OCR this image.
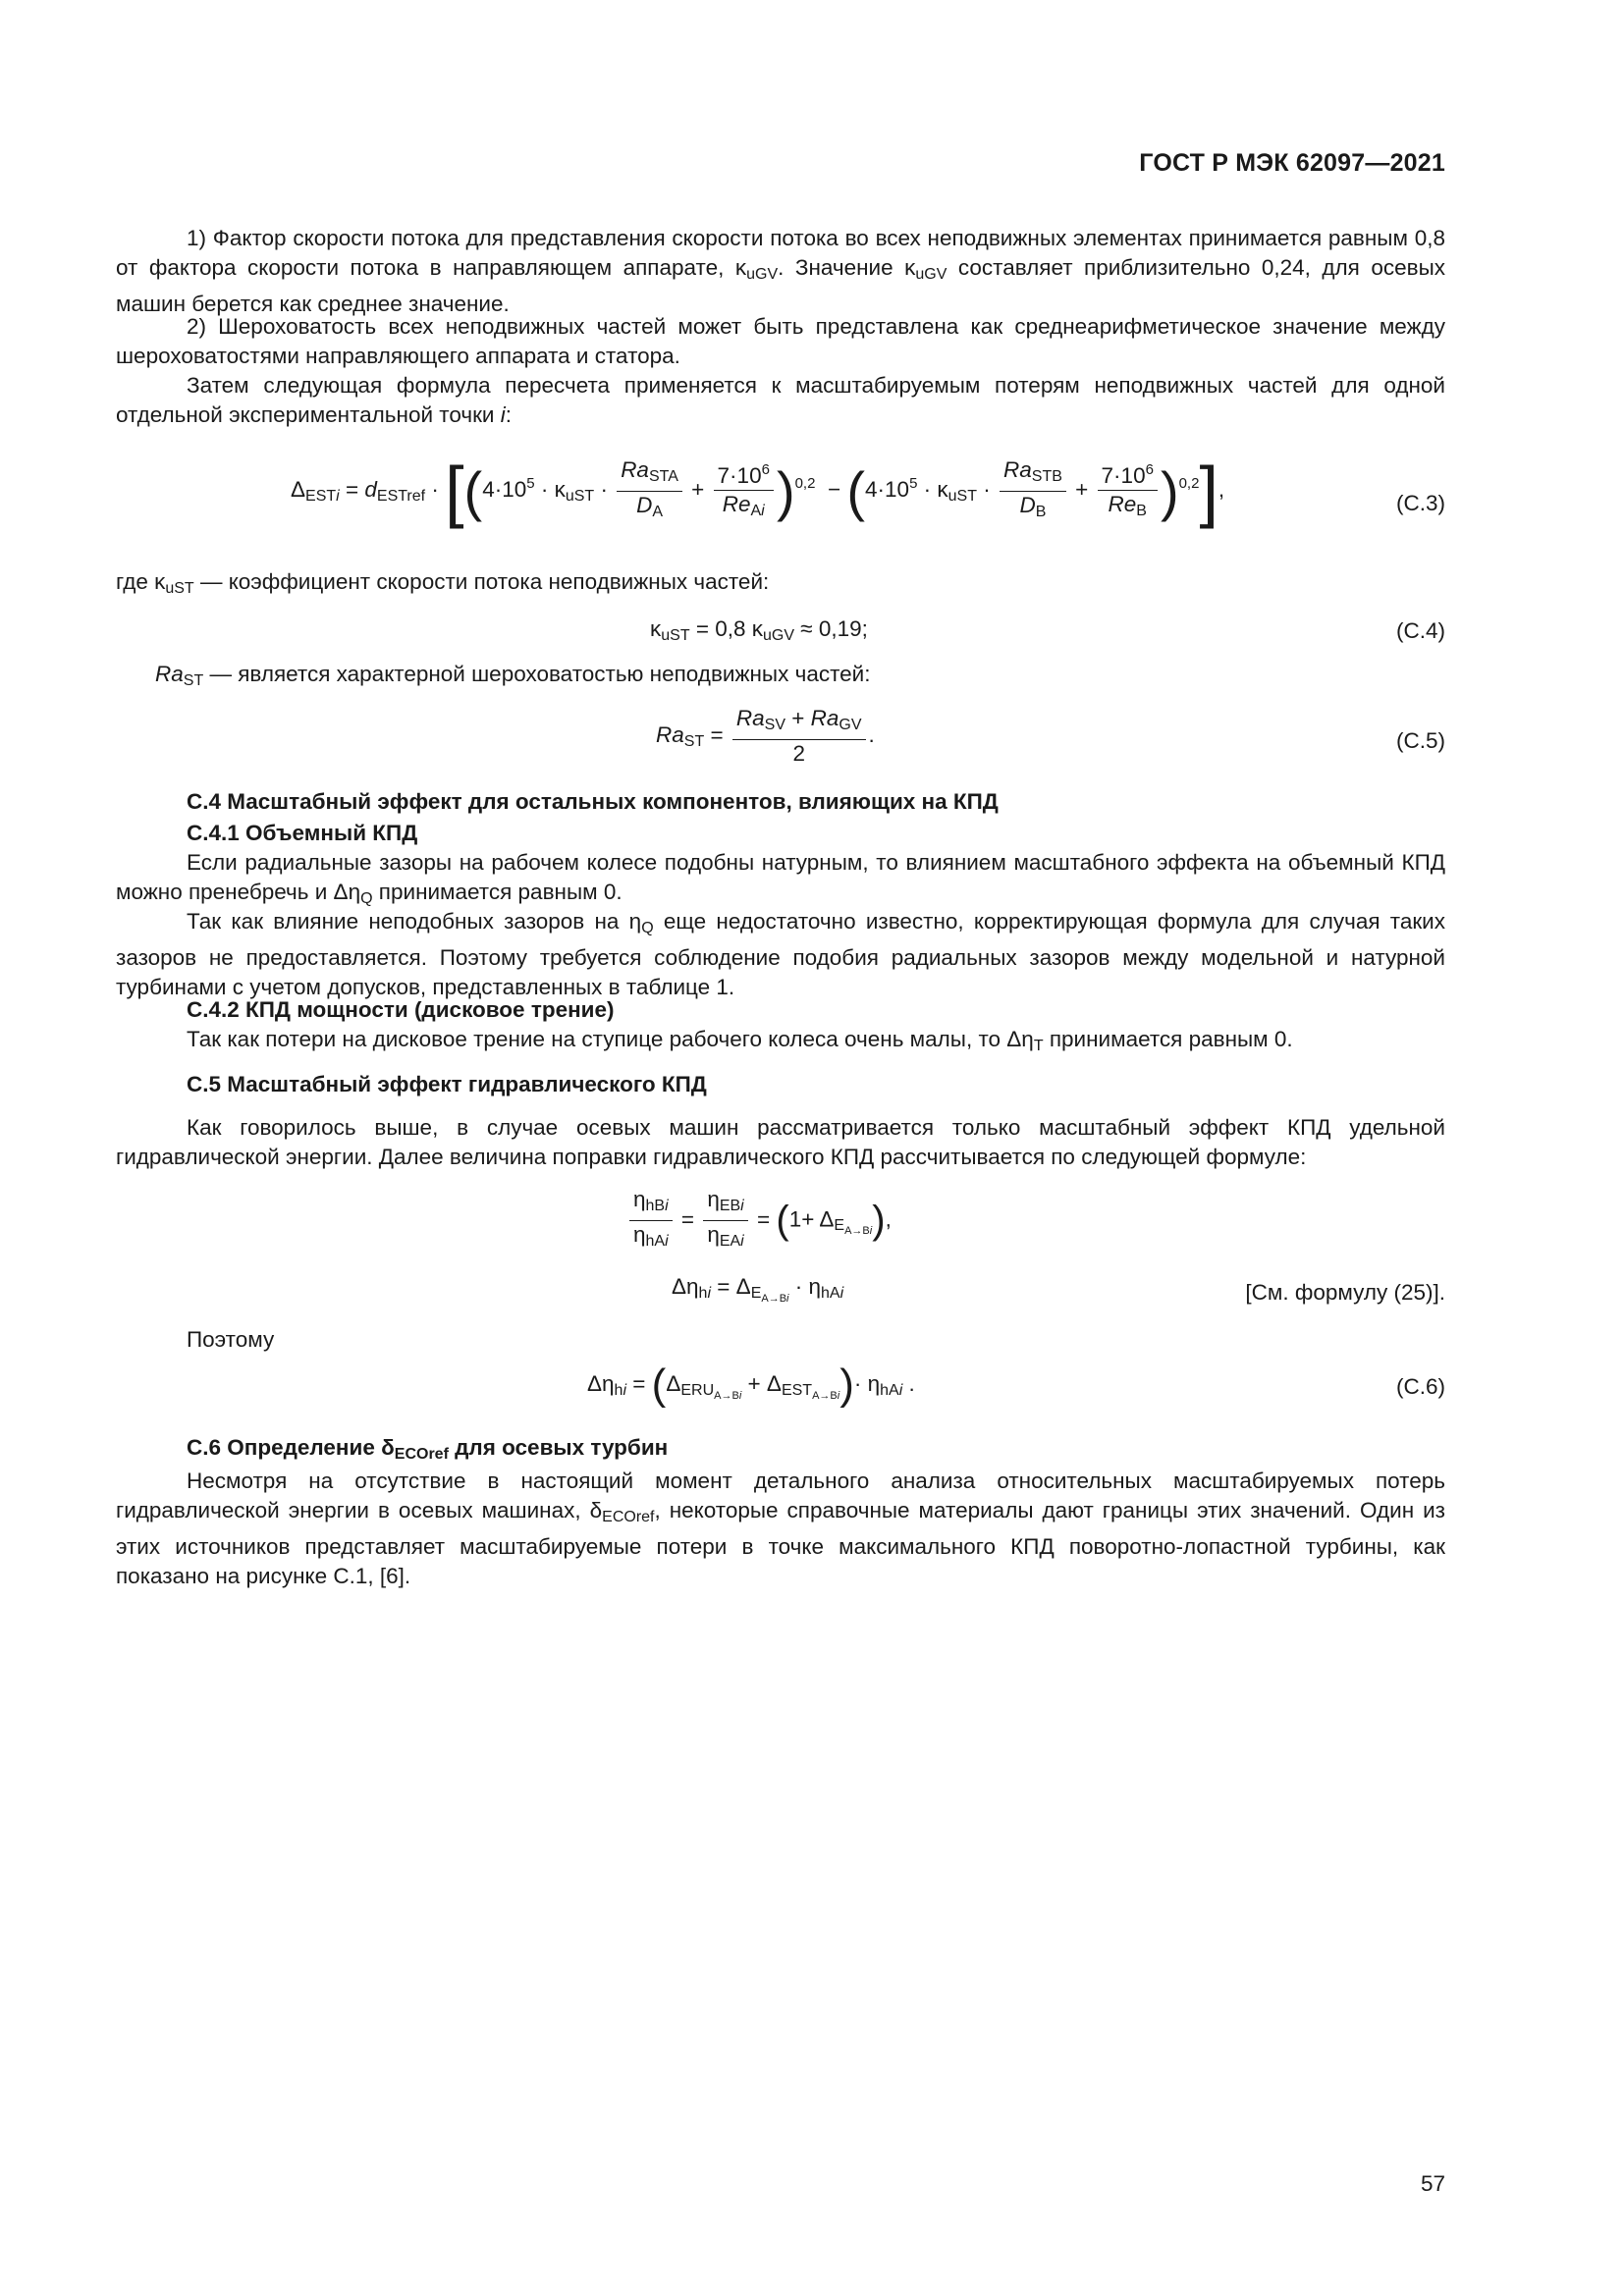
ГОСТ Р МЭК 62097—2021
1) Фактор скорости потока для представления скорости потока во всех неподвижных элементах принимается равным 0,8 от фактора скорости потока в направляющем аппарате, $\kappa_{uGV}$. Значение $\kappa_{uGV}$ составляет приблизительно 0,24, для осевых машин берется как среднее значение.
2) Шероховатость всех неподвижных частей может быть представлена как среднеарифметическое значение между шероховатостями направляющего аппарата и статора.
Затем следующая формула пересчета применяется к масштабируемым потерям неподвижных частей для одной отдельной экспериментальной точки i:
$\Delta_{ESTi} = d_{ESTref} \cdot [(4\cdot 10^5 \cdot \kappa_{uST} \cdot \frac{Ra_{STA}}{D_A} + \frac{7\cdot 10^6}{Re_{Ai}} )^{0,2} - (4\cdot 10^5 \cdot \kappa_{uST} \cdot \frac{Ra_{STB}}{D_B} + \frac{7\cdot 10^6}{Re_B} )^{0,2}]$,
(C.3)
где $\kappa_{uST}$ — коэффициент скорости потока неподвижных частей:
$\kappa_{uST} = 0,8$ $\kappa_{uGV} \approx 0,19$;	(C.4)
$Ra_{ST}$ — является характерной шероховатостью неподвижных частей:
$Ra_{ST} = \frac{Ra_{SV} + Ra_{GV}}{2}$ .	(C.5)
С.4 Масштабный эффект для остальных компонентов, влияющих на КПД
С.4.1 Объемный КПД
Если радиальные зазоры на рабочем колесе подобны натурным, то влиянием масштабного эффекта на объемный КПД можно пренебречь и $\Delta\eta_Q$ принимается равным 0.
Так как влияние неподобных зазоров на $\eta_Q$ еще недостаточно известно, корректирующая формула для случая таких зазоров не предоставляется. Поэтому требуется соблюдение подобия радиальных зазоров между модельной и натурной турбинами с учетом допусков, представленных в таблице 1.
С.4.2 КПД мощности (дисковое трение)
Так как потери на дисковое трение на ступице рабочего колеса очень малы, то $\Delta\eta_T$ принимается равным 0.
С.5 Масштабный эффект гидравлического КПД
Как говорилось выше, в случае осевых машин рассматривается только масштабный эффект КПД удельной гидравлической энергии. Далее величина поправки гидравлического КПД рассчитывается по следующей формуле:
$\frac{\eta_{hBi}}{\eta_{hAi}} = \frac{\eta_{EBi}}{\eta_{EAi}} = (1+ \Delta_{E_{A\to Bi}})$,
$\Delta\eta_{hi} = \Delta_{E_{A\to Bi}} \cdot \eta_{hAi}$	[См. формулу (25)].
Поэтому
$\Delta\eta_{hi} = (\Delta_{ERU_{A\to Bi}} + \Delta_{EST_{A\to Bi}})\cdot \eta_{hAi}$ .	(C.6)
С.6 Определение $\delta_{ECOref}$ для осевых турбин
Несмотря на отсутствие в настоящий момент детального анализа относительных масштабируемых потерь гидравлической энергии в осевых машинах, $\delta_{ECOref}$, некоторые справочные материалы дают границы этих значений. Один из этих источников представляет масштабируемые потери в точке максимального КПД поворотно-лопастной турбины, как показано на рисунке С.1, [6].
57
